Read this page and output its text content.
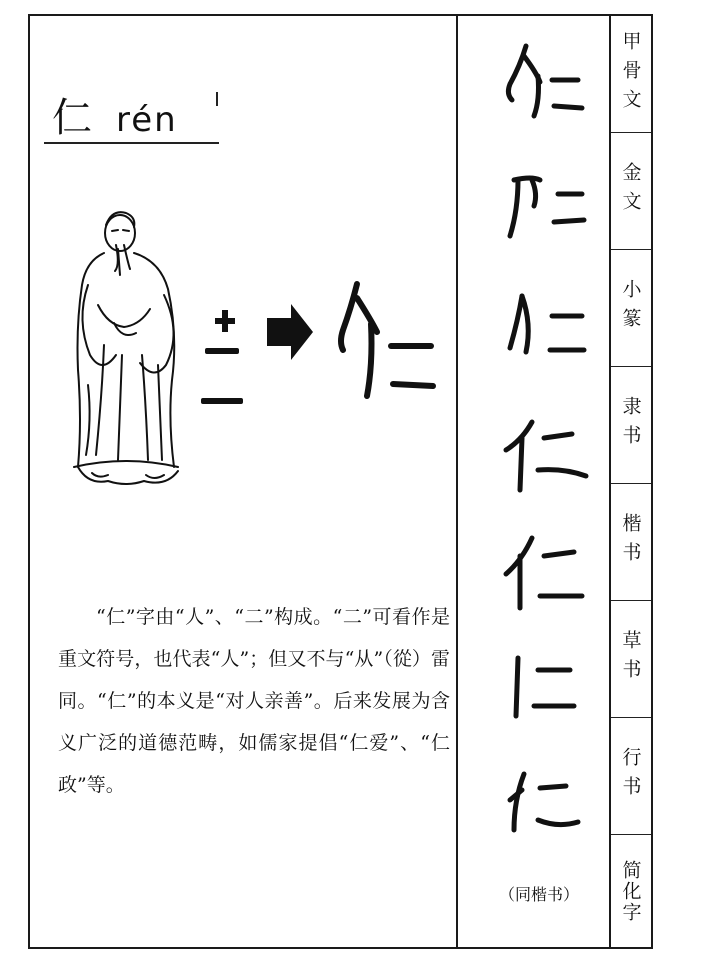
仁 rén

“仁”字由“人”、“二”构成。“二”可看作是重文符号，也代表“人”；但又不与“从”（從）雷同。“仁”的本义是“对人亲善”。后来发展为含义广泛的道德范畴，如儒家提倡“仁爱”、“仁政”等。

（同楷书）
甲骨文
金文
小篆
隶书
楷书
草书
行书
简化字
